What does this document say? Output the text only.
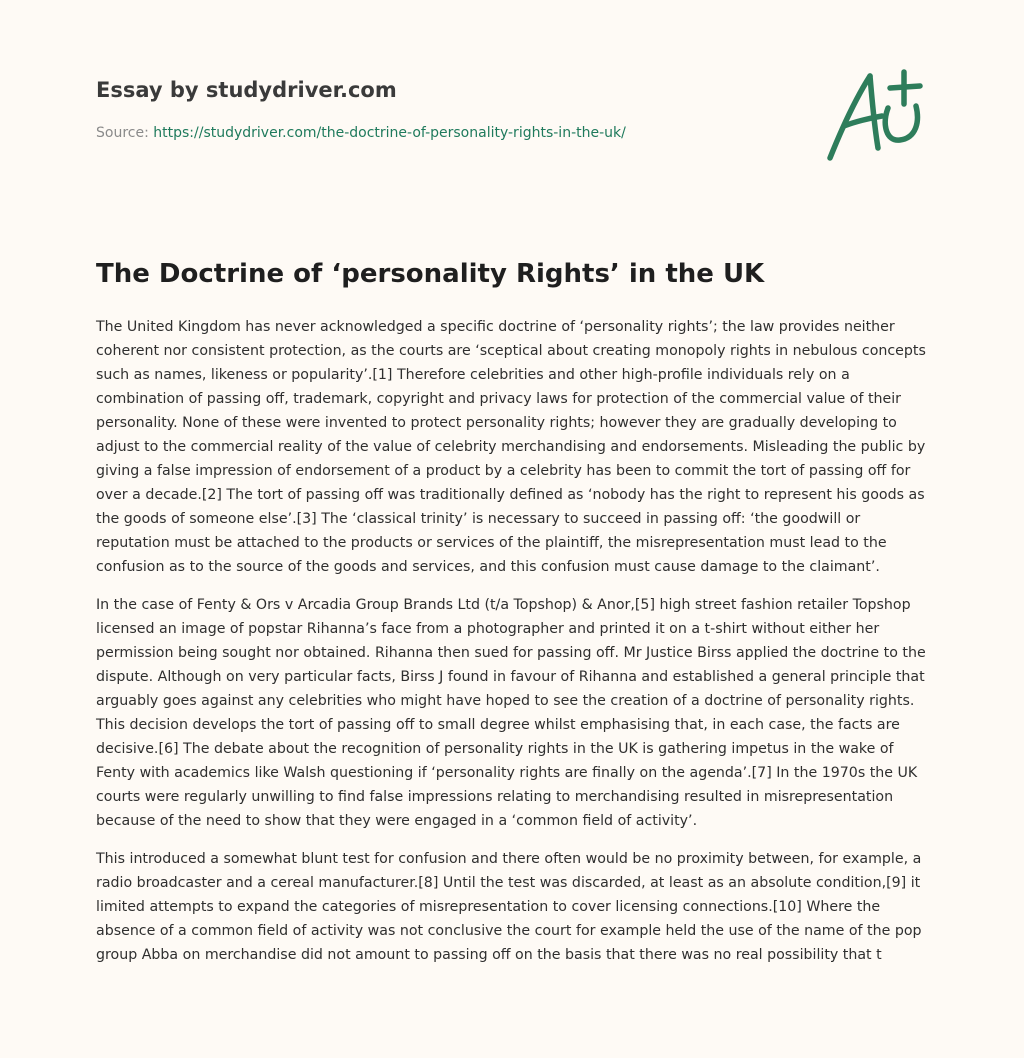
Essay by studydriver.com

Source: https://studydriver.com/the-doctrine-of-personality-rights-in-the-uk/
The Doctrine of ‘personality Rights’ in the UK

The United Kingdom has never acknowledged a specific doctrine of ‘personality rights’; the law provides neither coherent nor consistent protection, as the courts are ‘sceptical about creating monopoly rights in nebulous concepts such as names, likeness or popularity’.[1] Therefore celebrities and other high-profile individuals rely on a combination of passing off, trademark, copyright and privacy laws for protection of the commercial value of their personality. None of these were invented to protect personality rights; however they are gradually developing to adjust to the commercial reality of the value of celebrity merchandising and endorsements. Misleading the public by giving a false impression of endorsement of a product by a celebrity has been to commit the tort of passing off for over a decade.[2] The tort of passing off was traditionally defined as ‘nobody has the right to represent his goods as the goods of someone else’.[3] The ‘classical trinity’ is necessary to succeed in passing off: ‘the goodwill or reputation must be attached to the products or services of the plaintiff, the misrepresentation must lead to the confusion as to the source of the goods and services, and this confusion must cause damage to the claimant’.

In the case of Fenty & Ors v Arcadia Group Brands Ltd (t/a Topshop) & Anor,[5] high street fashion retailer Topshop licensed an image of popstar Rihanna’s face from a photographer and printed it on a t-shirt without either her permission being sought nor obtained. Rihanna then sued for passing off. Mr Justice Birss applied the doctrine to the dispute. Although on very particular facts, Birss J found in favour of Rihanna and established a general principle that arguably goes against any celebrities who might have hoped to see the creation of a doctrine of personality rights. This decision develops the tort of passing off to small degree whilst emphasising that, in each case, the facts are decisive.[6] The debate about the recognition of personality rights in the UK is gathering impetus in the wake of Fenty with academics like Walsh questioning if ‘personality rights are finally on the agenda’.[7] In the 1970s the UK courts were regularly unwilling to find false impressions relating to merchandising resulted in misrepresentation because of the need to show that they were engaged in a ‘common field of activity’.

This introduced a somewhat blunt test for confusion and there often would be no proximity between, for example, a radio broadcaster and a cereal manufacturer.[8] Until the test was discarded, at least as an absolute condition,[9] it limited attempts to expand the categories of misrepresentation to cover licensing connections.[10] Where the absence of a common field of activity was not conclusive the court for example held the use of the name of the pop group Abba on merchandise did not amount to passing off on the basis that there was no real possibility that t
